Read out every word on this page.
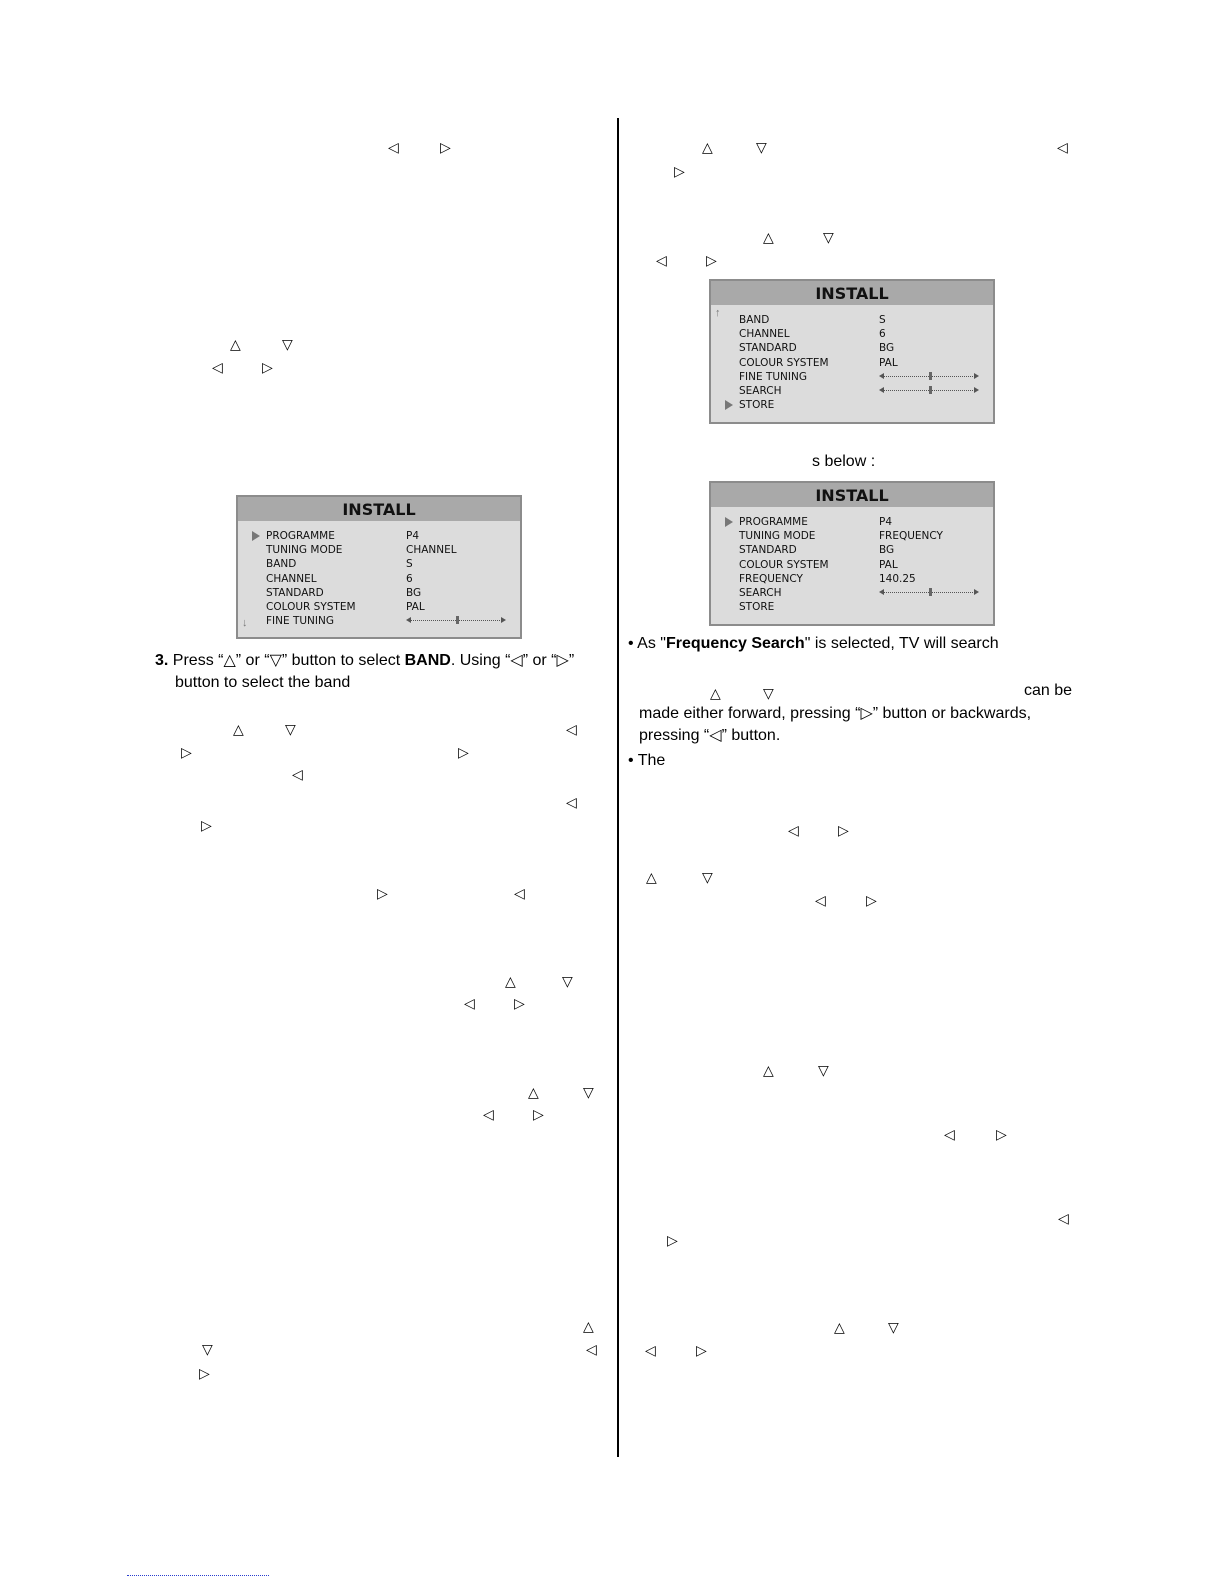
◁	▷
△	▽
◁	▷
INSTALL
PROGRAMME	P4
TUNING MODE	CHANNEL
BAND	S
CHANNEL	6
STANDARD	BG
COLOUR SYSTEM	PAL
FINE TUNING
↓
3. Press “△” or “▽” button to select BAND. Using “◁” or “▷”
button to select the band
△	▽	◁
▷	▷
◁
◁
▷
▷	◁
△	▽
◁	▷
△	▽
◁	▷
△
▽	◁
▷
△	▽	◁
▷
△	▽
◁	▷
INSTALL
↑
BAND	S
CHANNEL	6
STANDARD	BG
COLOUR SYSTEM	PAL
FINE TUNING
SEARCH
STORE
s below :
INSTALL
PROGRAMME	P4
TUNING MODE	FREQUENCY
STANDARD	BG
COLOUR SYSTEM	PAL
FREQUENCY	140.25
SEARCH
STORE
• As "Frequency Search" is selected, TV will search
△	▽	can be
made either forward, pressing “▷” button or backwards,
pressing “◁” button.
• The
◁	▷
△	▽
◁	▷
△	▽
◁	▷
◁
▷
△	▽
◁	▷
